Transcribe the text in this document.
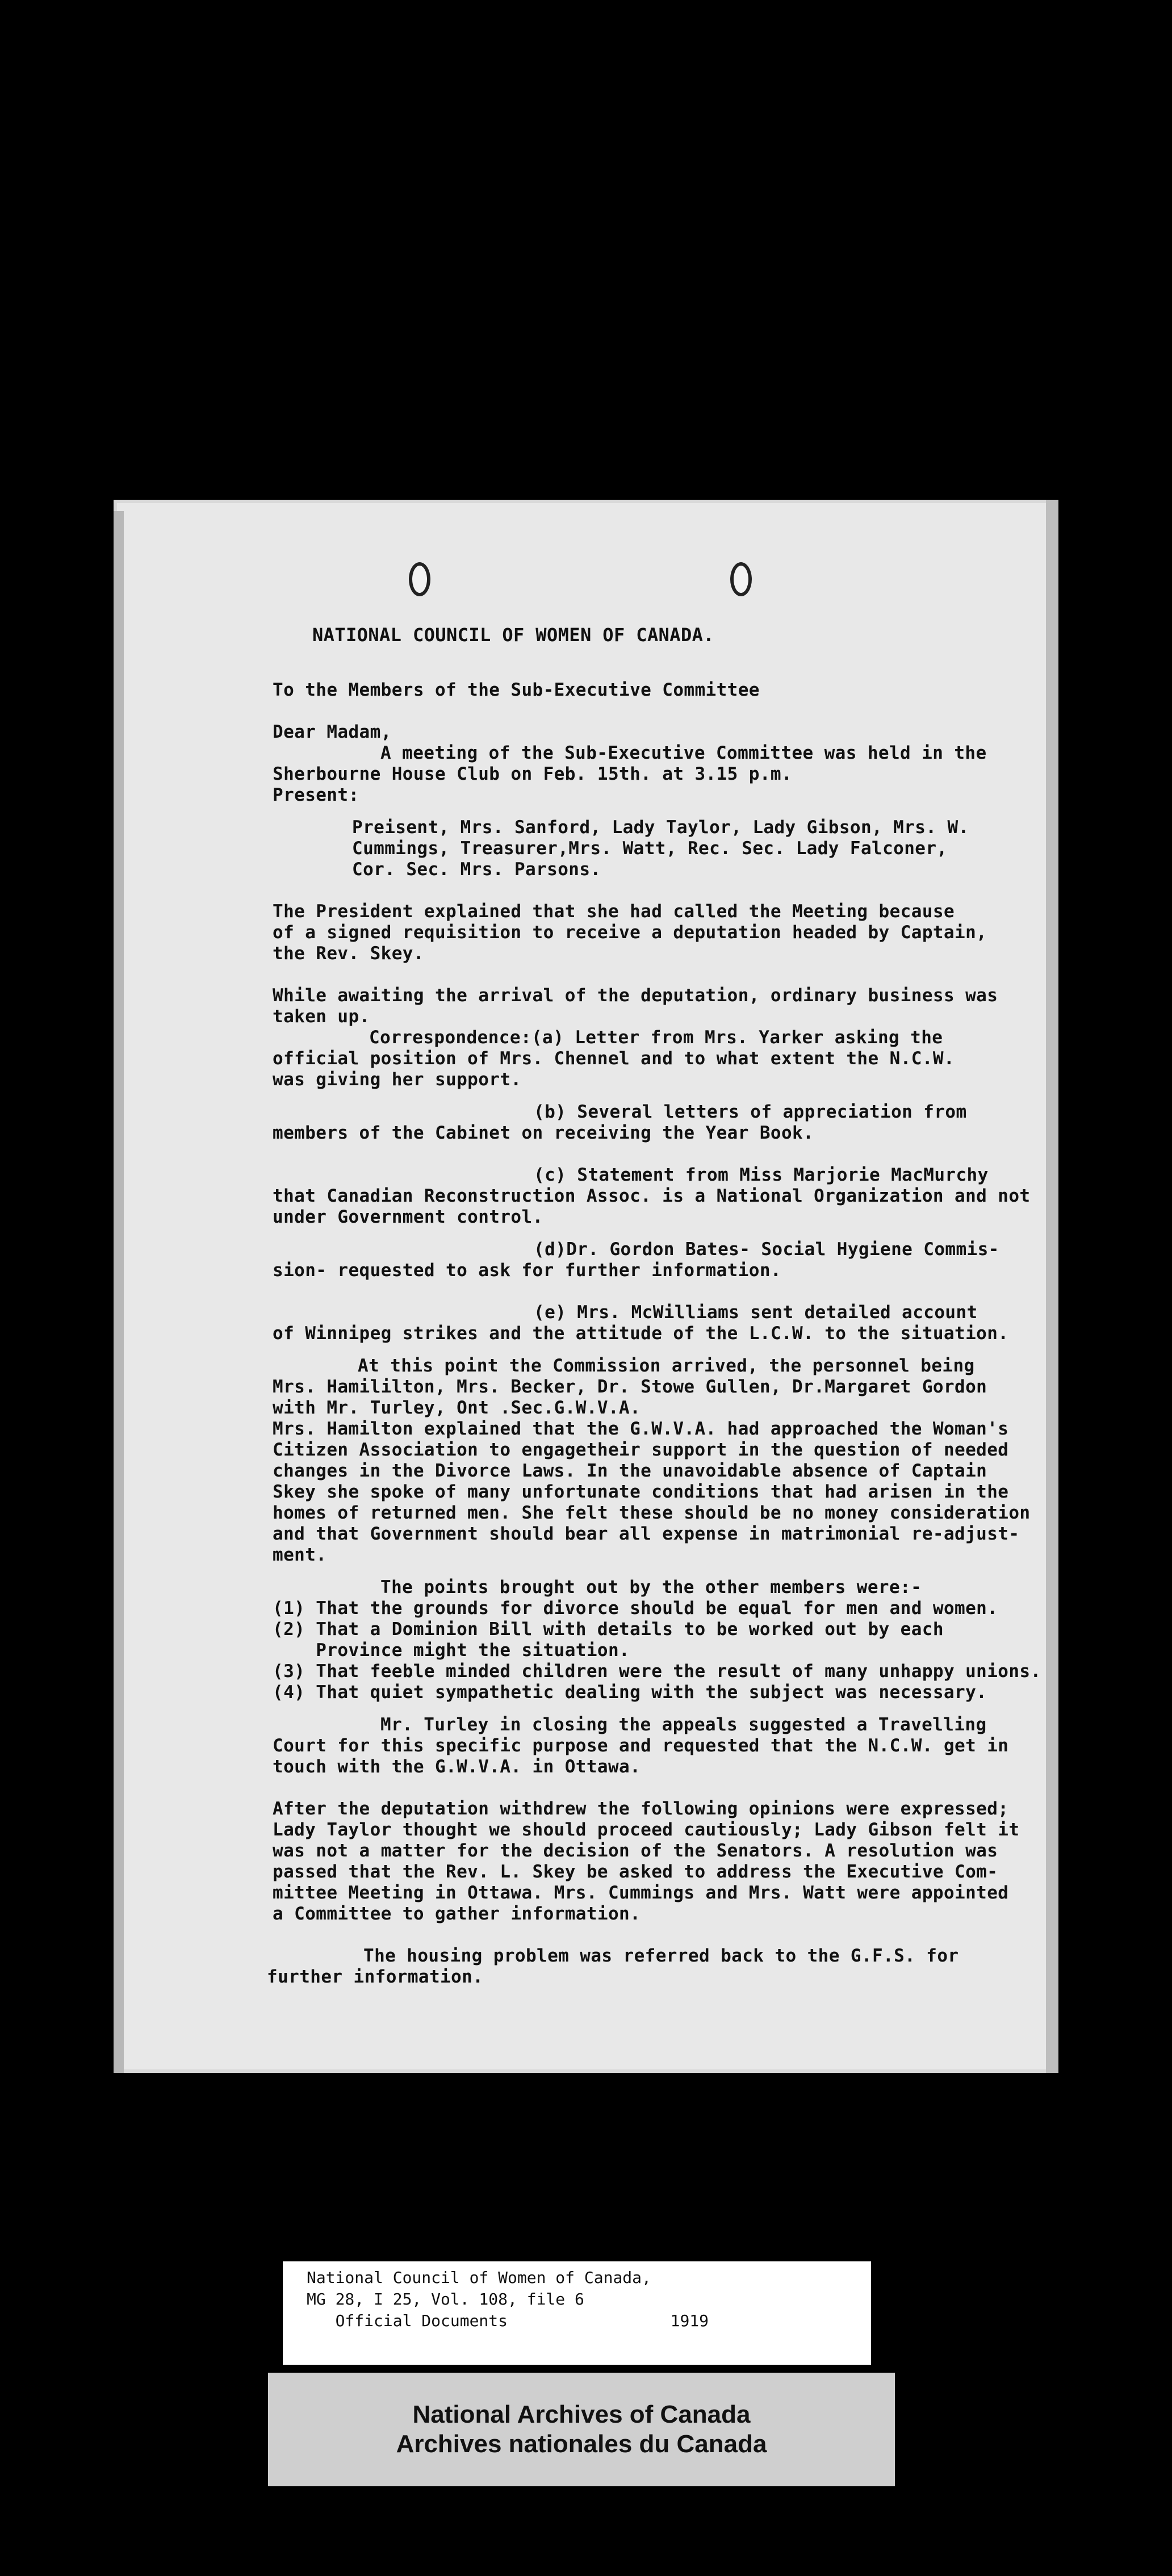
NATIONAL COUNCIL OF WOMEN OF CANADA.
To the Members of the Sub-Executive Committee
Dear Madam,
A meeting of the Sub-Executive Committee was held in the
Sherbourne House Club on Feb. 15th. at 3.15 p.m.
Present:
Preisent, Mrs. Sanford, Lady Taylor, Lady Gibson, Mrs. W.
Cummings, Treasurer,Mrs. Watt, Rec. Sec. Lady Falconer,
Cor. Sec. Mrs. Parsons.
The President explained that she had called the Meeting because
of a signed requisition to receive a deputation headed by Captain,
the Rev. Skey.
While awaiting the arrival of the deputation, ordinary business was
taken up.
Correspondence:(a) Letter from Mrs. Yarker asking the
official position of Mrs. Chennel and to what extent the N.C.W.
was giving her support.
(b) Several letters of appreciation from
members of the Cabinet on receiving the Year Book.
(c) Statement from Miss Marjorie MacMurchy
that Canadian Reconstruction Assoc. is a National Organization and not
under Government control.
(d)Dr. Gordon Bates- Social Hygiene Commis-
sion- requested to ask for further information.
(e) Mrs. McWilliams sent detailed account
of Winnipeg strikes and the attitude of the L.C.W. to the situation.
At this point the Commission arrived, the personnel being
Mrs. Hamililton, Mrs. Becker, Dr. Stowe Gullen, Dr.Margaret Gordon
with Mr. Turley, Ont .Sec.G.W.V.A.
Mrs. Hamilton explained that the G.W.V.A. had approached the Woman's
Citizen Association to engagetheir support in the question of needed
changes in the Divorce Laws. In the unavoidable absence of Captain
Skey she spoke of many unfortunate conditions that had arisen in the
homes of returned men. She felt these should be no money consideration
and that Government should bear all expense in matrimonial re-adjust-
ment.
The points brought out by the other members were:-
(1) That the grounds for divorce should be equal for men and women.
(2) That a Dominion Bill with details to be worked out by each
Province might the situation.
(3) That feeble minded children were the result of many unhappy unions.
(4) That quiet sympathetic dealing with the subject was necessary.
Mr. Turley in closing the appeals suggested a Travelling
Court for this specific purpose and requested that the N.C.W. get in
touch with the G.W.V.A. in Ottawa.
After the deputation withdrew the following opinions were expressed;
Lady Taylor thought we should proceed cautiously; Lady Gibson felt it
was not a matter for the decision of the Senators. A resolution was
passed that the Rev. L. Skey be asked to address the Executive Com-
mittee Meeting in Ottawa. Mrs. Cummings and Mrs. Watt were appointed
a Committee to gather information.
The housing problem was referred back to the G.F.S. for
further information.
National Council of Women of Canada,
MG 28, I 25, Vol. 108, file 6
Official Documents                 1919
National Archives of Canada
Archives nationales du Canada
